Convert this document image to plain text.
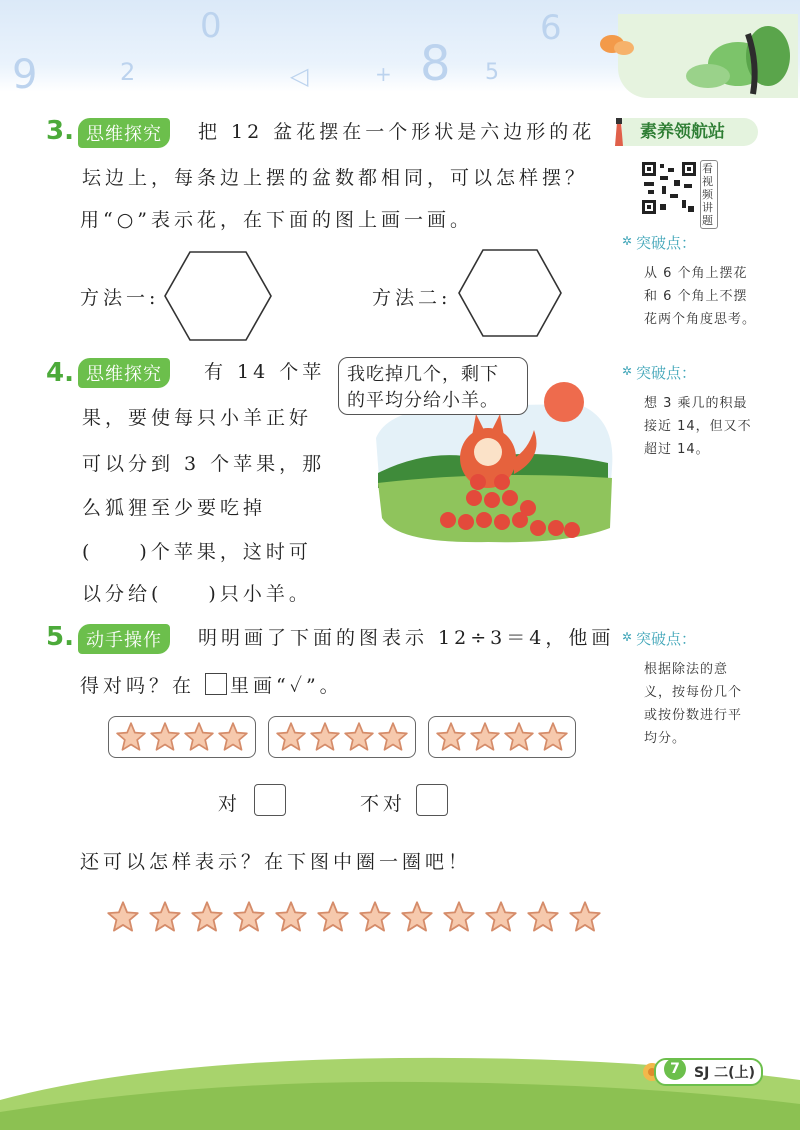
9	2
0
◁	+ 8 5
6
3. 思维探究	把 12 盆花摆在一个形状是六边形的花
坛边上，每条边上摆的盆数都相同，可以怎样摆？
用“○”表示花，在下面的图上画一画。
方法一:	方法二:
4. 思维探究	有 14 个苹
果，要使每只小羊正好
可以分到 3 个苹果，那
么狐狸至少要吃掉
(　　)个苹果，这时可
以分给(　　)只小羊。
我吃掉几个，剩下
的平均分给小羊。
5. 动手操作	明明画了下面的图表示 12÷3＝4，他画
得对吗？在 里画“✓”。
对	不对
还可以怎样表示？在下图中圈一圈吧！
素养领航站
看视频讲题
✲ 突破点：
从 6 个角上摆花
和 6 个角上不摆
花两个角度思考。
✲ 突破点：
想 3 乘几的积最
接近 14，但又不
超过 14。
✲ 突破点：
根据除法的意
义，按每份几个
或按份数进行平
均分。
7	SJ 二(上)
